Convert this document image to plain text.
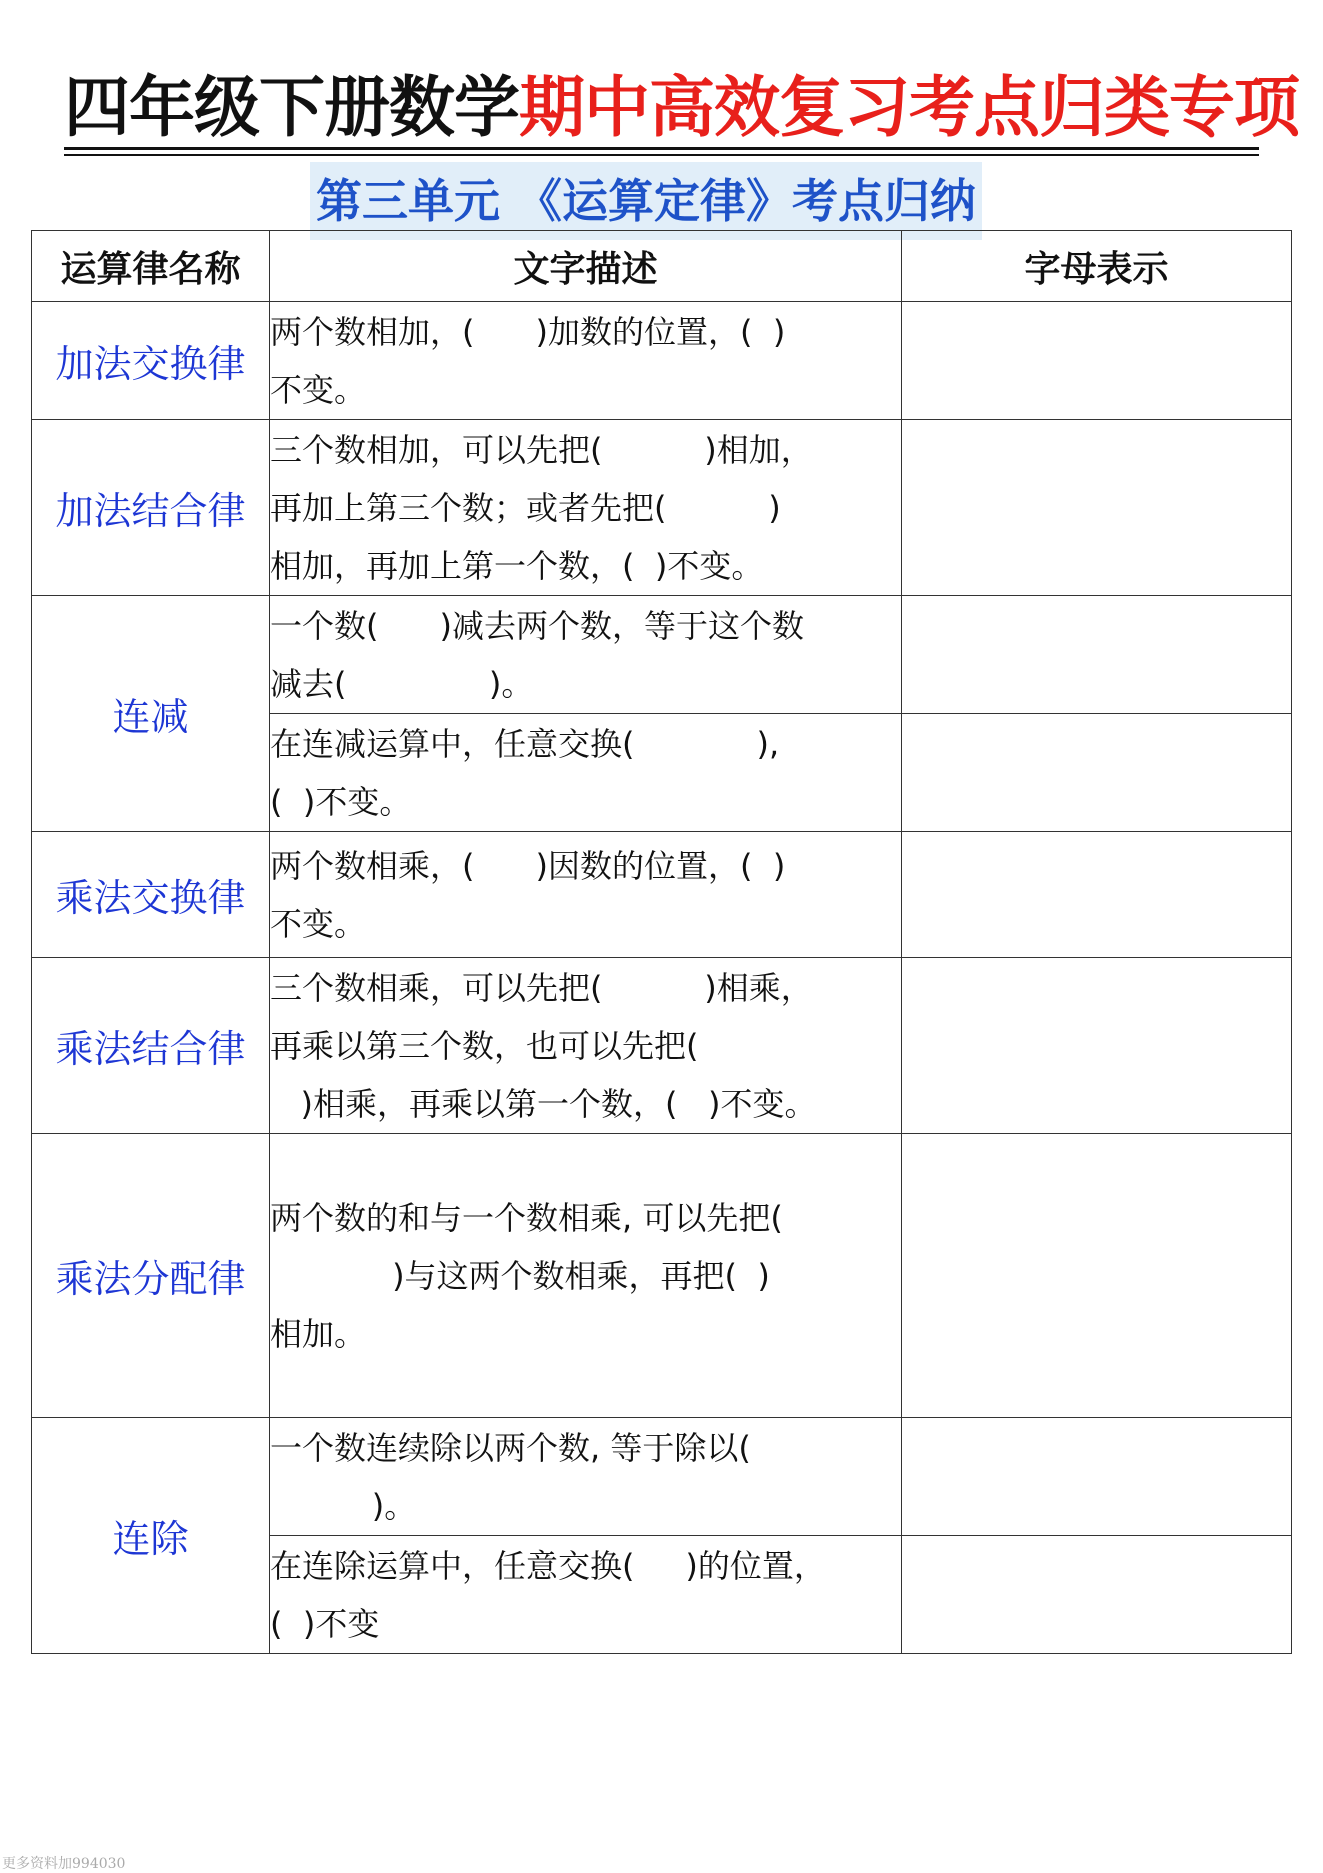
四年级下册数学期中高效复习考点归类专项
第三单元 《运算定律》考点归纳
运算律名称	文字描述	字母表示
加法交换律	两个数相加，(      )加数的位置，(  )
不变。	

加法结合律	三个数相加，可以先把(          )相加，
再加上第三个数；或者先把(          )
相加，再加上第一个数，(  )不变。	

连减	一个数(      )减去两个数，等于这个数
减去(              )。	

	在连减运算中，任意交换(            ),
(  )不变。	

乘法交换律	两个数相乘，(      )因数的位置，(  )
不变。	

乘法结合律	三个数相乘，可以先把(          )相乘，
再乘以第三个数，也可以先把(
)相乘，再乘以第一个数，(   )不变。	

乘法分配律	两个数的和与一个数相乘, 可以先把(
)与这两个数相乘，再把(  )
相加。	

连除	一个数连续除以两个数, 等于除以(
)。	

	在连除运算中，任意交换(     )的位置，
(  )不变	

更多资料加994030
